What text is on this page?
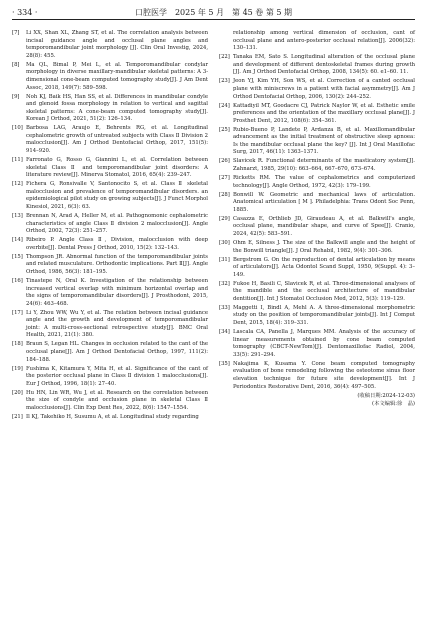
· 334 ·	口腔医学　2025 年 5 月　第 45 卷 第 5 期
[7]	Li XX, Shan XL, Zhang ST, et al. The correlation analysis between incisal guidance angle and occlusal plane angles and temporomandibular joint morphology [J]. Clin Oral Investig, 2024, 28(8): 455.
[8]	Ma QL, Bimal P, Mei L, et al. Temporomandibular condylar morphology in diverse maxillary-mandibular skeletal patterns: A 3-dimensional cone-beam computed tomography study[J]. J Am Dent Assoc, 2018, 149(7): 589–598.
[9]	Noh KJ, Baik HS, Han SS, et al. Differences in mandibular condyle and glenoid fossa morphology in relation to vertical and sagittal skeletal patterns: A cone-beam computed tomography study[J]. Korean J Orthod, 2021, 51(2): 126–134.
[10] Barbosa LAG, Araujo E, Behrents RG, et al. Longitudinal cephalometric growth of untreated subjects with Class Ⅱ Division 2 malocclusion[J]. Am J Orthod Dentofacial Orthop, 2017, 151(5): 914–920.
[11] Farronato G, Rosso G, Giannini L, et al. Correlation between skeletal Class Ⅱ and temporomandibular joint disorders: A literature review[J]. Minerva Stomatol, 2016, 65(4): 239–247.
[12] Fichera G, Ronsivalle V, Santonocito S, et al. Class Ⅱ skeletal malocclusion and prevalence of temporomandibular disorders. an epidemiological pilot study on growing subjects[J]. J Funct Morphol Kinesiol, 2021, 6(3): 63.
[13] Brennan N, Arad A, Heller M, et al. Pathognomonic cephalometric characteristics of angle Class Ⅱ division 2 malocclusion[J]. Angle Orthod, 2002, 72(3): 251–257.
[14] Ribeiro P. Angle Class Ⅱ, Division, malocclusion with deep overbite[J]. Dental Press J Orthod, 2010, 15(2): 132–143.
[15] Thompson JR. Abnormal function of the temporomandibular joints and related musculature. Orthodontic implications. Part Ⅱ[J]. Angle Orthod, 1986, 56(3): 181–195.
[16] Tinastepe N, Oral K. Investigation of the relationship between increased vertical overlap with minimum horizontal overlap and the signs of temporomandibular disorders[J]. J Prosthodont, 2015, 24(6): 463–468.
[17] Li Y, Zhou WW, Wu Y, et al. The relation between incisal guidance angle and the growth and development of temporomandibular joint: A multi-cross-sectional retrospective study[J]. BMC Oral Health, 2021, 21(1): 380.
[18] Braun S, Legan HL. Changes in occlusion related to the cant of the occlusal plane[J]. Am J Orthod Dentofacial Orthop, 1997, 111(2): 184–188.
[19] Fushima K, Kitamura Y, Mita H, et al. Significance of the cant of the posterior occlusal plane in Class Ⅱ division 1 malocclusions[J]. Eur J Orthod, 1996, 18(1): 27–40.
[20] Hu HN, Lin WR, Wu J, et al. Research on the correlation between the size of condyle and occlusion plane in skeletal Class Ⅱ malocclusions[J]. Clin Exp Dent Res, 2022, 8(6): 1547–1554.
[21] Il KJ, Takehiko H, Susumu A, et al. Longitudinal study regarding
relationship among vertical dimension of occlusion, cant of occlusal plane and antero-posterior occlusal relation[J]. 2006(32): 130–131.
[22] Tanaka EM, Sato S. Longitudinal alteration of the occlusal plane and development of different dentoskeletal frames during growth [J]. Am J Orthod Dentofacial Orthop, 2008, 134(5): 60. e1–60. 11.
[23] Jeon YJ, Kim YH, Son WS, et al. Correction of a canted occlusal plane with miniscrews in a patient with facial asymmetry[J]. Am J Orthod Dentofacial Orthop, 2006, 130(2): 244–252.
[24] Kattadiyil MT, Goodacre CJ, Patrick Naylor W, et al. Esthetic smile preferences and the orientation of the maxillary occlusal plane[J]. J Prosthet Dent, 2012, 108(6): 354–361.
[25] Rubio-Bueno P, Landete P, Ardanza B, et al. Maxillomandibular advancement as the initial treatment of obstructive sleep apnoea: Is the mandibular occlusal plane the key? [J]. Int J Oral Maxillofac Surg, 2017, 46(11): 1363–1371.
[26] Slavicek R. Functional determinants of the masticatory system[J]. Zahnarzt, 1985, 29(10): 663–664, 667–670, 673–674.
[27] Ricketts RM. The value of cephalometrics and computerized technology[J]. Angle Orthod, 1972, 42(3): 179–199.
[28] Bonwill W. Geometric and mechanical laws of articulation. Anatomical articulation [ M ]. Philadelphia: Trans Odont Soc Penn, 1885.
[29] Casazza E, Orthlieb JD, Giraudeau A, et al. Balkwill's angle, occlusal plane, mandibular shape, and curve of Spee[J]. Cranio, 2024, 42(5): 583–591.
[30] Ohm E, Silness J. The size of the Balkwill angle and the height of the Bonwill triangle[J]. J Oral Rehabil, 1982, 9(4): 301–306.
[31] Bergstrom G. On the reproduction of dental articulation by means of articulators[J]. Acta Odontol Scand Suppl, 1950, 9(Suppl. 4): 3–149.
[32] Fukoe H, Basili C, Slavicek R, et al. Three-dimensional analyses of the mandible and the occlusal architecture of mandibular dentition[J]. Int J Stomatol Occlusion Med, 2012, 5(3): 119–129.
[33] Maggetti I, Bindl A, Mehl A. A three-dimensional morphometric study on the position of temporomandibular joints[J]. Int J Comput Dent, 2015, 18(4): 319–331.
[34] Lascala CA, Panella J, Marques MM. Analysis of the accuracy of linear measurements obtained by cone beam computed tomography (CBCT-NewTom)[J]. Dentomaxillofac Radiol, 2004, 33(5): 291–294.
[35] Nakajima K, Kusama Y. Cone beam computed tomography evaluation of bone remodeling following the osteotome sinus floor elevation technique for future site development[J]. Int J Periodontics Restorative Dent, 2016, 36(4): 497–505.
(收稿日期:2024-12-03)
(本文编辑:徐　晶)
